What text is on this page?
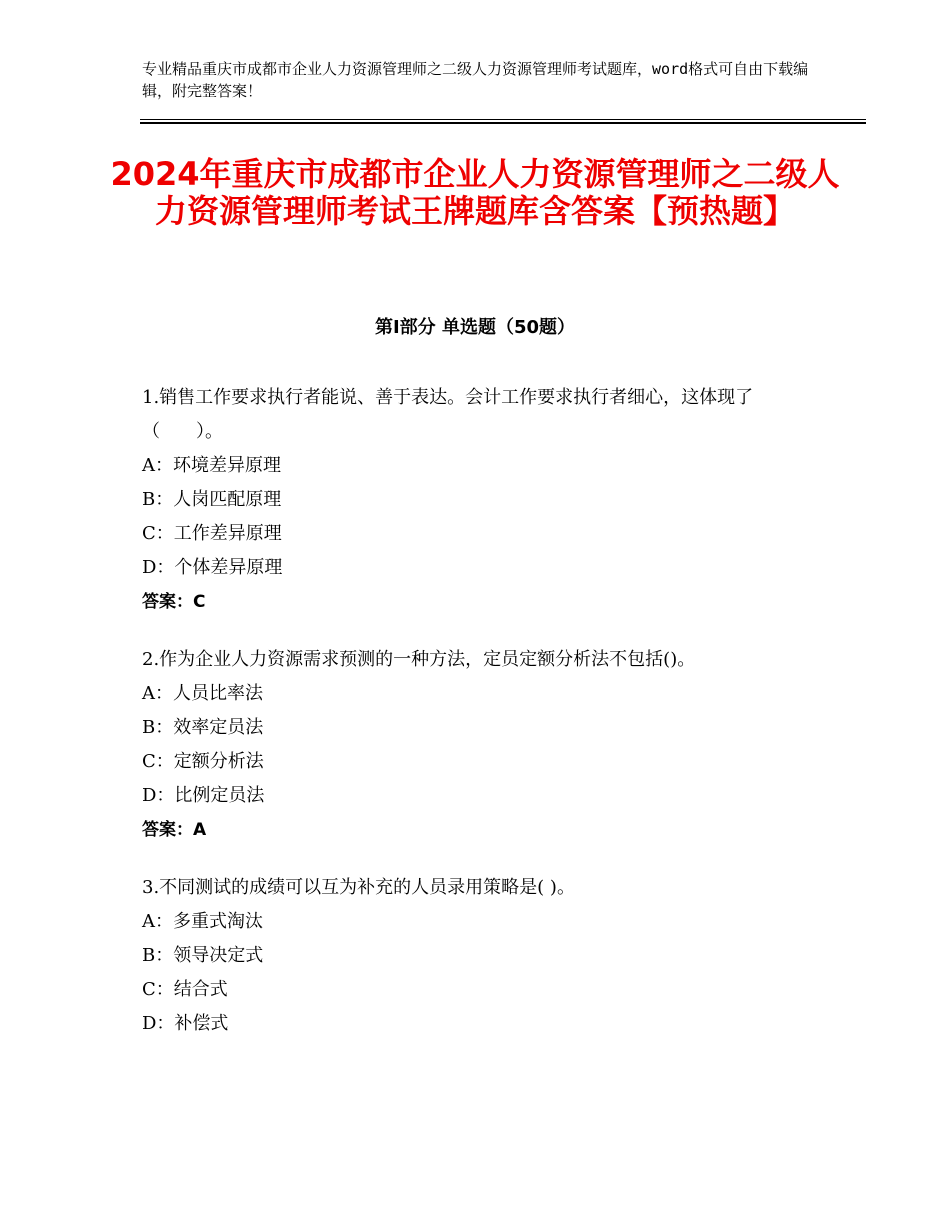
专业精品重庆市成都市企业人力资源管理师之二级人力资源管理师考试题库，word格式可自由下载编辑，附完整答案！
2024年重庆市成都市企业人力资源管理师之二级人力资源管理师考试王牌题库含答案【预热题】
第Ⅰ部分 单选题（50题）
1.销售工作要求执行者能说、善于表达。会计工作要求执行者细心，这体现了（　　）。
A：环境差异原理
B：人岗匹配原理
C：工作差异原理
D：个体差异原理
答案：C
2.作为企业人力资源需求预测的一种方法，定员定额分析法不包括()。
A：人员比率法
B：效率定员法
C：定额分析法
D：比例定员法
答案：A
3.不同测试的成绩可以互为补充的人员录用策略是( )。
A：多重式淘汰
B：领导决定式
C：结合式
D：补偿式
